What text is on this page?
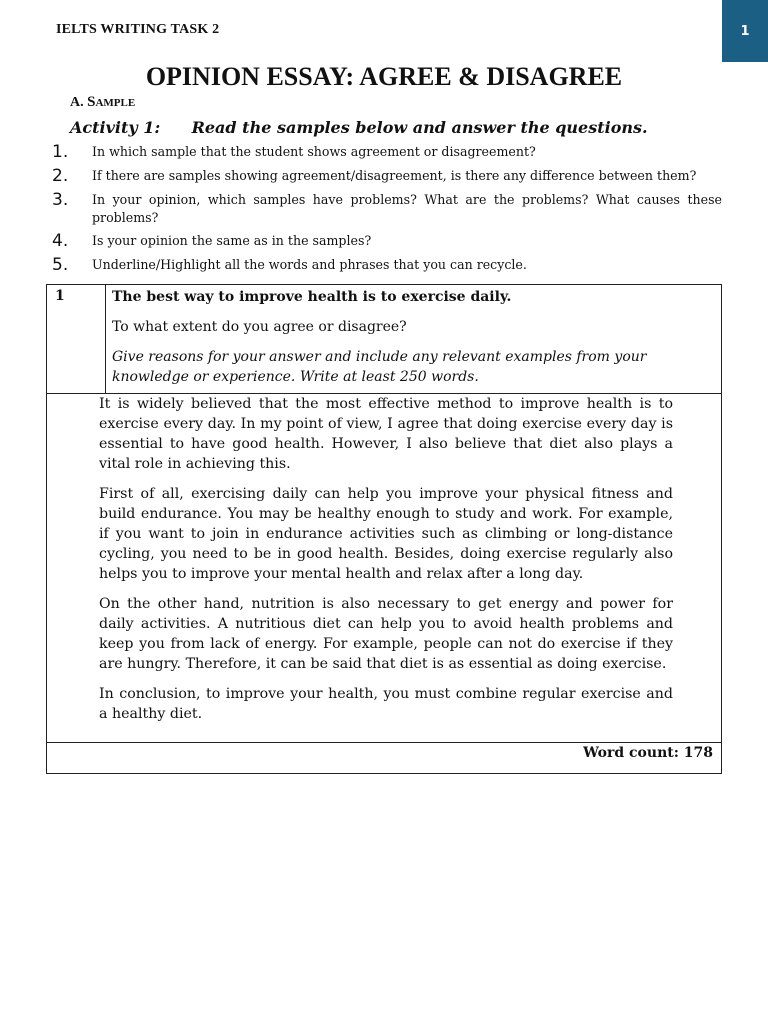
IELTS WRITING TASK 2	1
OPINION ESSAY: AGREE & DISAGREE
A. Sample
Activity 1: Read the samples below and answer the questions.
1.	In which sample that the student shows agreement or disagreement?
2.	If there are samples showing agreement/disagreement, is there any difference between them?
3.	In your opinion, which samples have problems? What are the problems? What causes these problems?
4.	Is your opinion the same as in the samples?
5.	Underline/Highlight all the words and phrases that you can recycle.
1	The best way to improve health is to exercise daily.

To what extent do you agree or disagree?

Give reasons for your answer and include any relevant examples from your knowledge or experience. Write at least 250 words.

It is widely believed that the most effective method to improve health is to exercise every day. In my point of view, I agree that doing exercise every day is essential to have good health. However, I also believe that diet also plays a vital role in achieving this.

First of all, exercising daily can help you improve your physical fitness and build endurance. You may be healthy enough to study and work. For example, if you want to join in endurance activities such as climbing or long-distance cycling, you need to be in good health. Besides, doing exercise regularly also helps you to improve your mental health and relax after a long day.

On the other hand, nutrition is also necessary to get energy and power for daily activities. A nutritious diet can help you to avoid health problems and keep you from lack of energy. For example, people can not do exercise if they are hungry. Therefore, it can be said that diet is as essential as doing exercise.

In conclusion, to improve your health, you must combine regular exercise and a healthy diet.

Word count: 178
